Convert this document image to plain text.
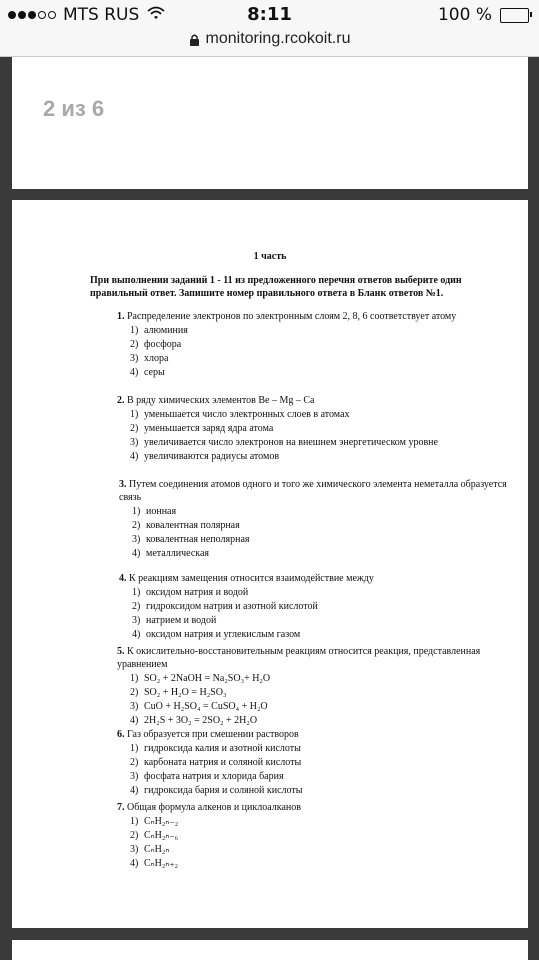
MTS RUS	8:11	100 %
monitoring.rcokoit.ru
2 из 6
1 часть
При выполнении заданий 1 - 11 из предложенного перечня ответов выберите один правильный ответ. Запишите номер правильного ответа в Бланк ответов №1.
1. Распределение электронов по электронным слоям 2, 8, 6 соответствует атому
1) алюминия
2) фосфора
3) хлора
4) серы
2. В ряду химических элементов Be – Mg – Ca
1) уменьшается число электронных слоев в атомах
2) уменьшается заряд ядра атома
3) увеличивается число электронов на внешнем энергетическом уровне
4) увеличиваются радиусы атомов
3. Путем соединения атомов одного и того же химического элемента неметалла образуется связь
1) ионная
2) ковалентная полярная
3) ковалентная неполярная
4) металлическая
4. К реакциям замещения относится взаимодействие между
1) оксидом натрия и водой
2) гидроксидом натрия и азотной кислотой
3) натрием и водой
4) оксидом натрия и углекислым газом
5. К окислительно-восстановительным реакциям относится реакция, представленная уравнением
1) SO₂ + 2NaOH = Na₂SO₃+ H₂O
2) SO₂ + H₂O = H₂SO₃
3) CuO + H₂SO₄ = CuSO₄ + H₂O
4) 2H₂S + 3O₂ = 2SO₂ + 2H₂O
6. Газ образуется при смешении растворов
1) гидроксида калия и азотной кислоты
2) карбоната натрия и соляной кислоты
3) фосфата натрия и хлорида бария
4) гидроксида бария и соляной кислоты
7. Общая формула алкенов и циклоалканов
1) CₙH₂ₙ₋₂
2) CₙH₂ₙ₋₆
3) CₙH₂ₙ
4) CₙH₂ₙ₊₂
